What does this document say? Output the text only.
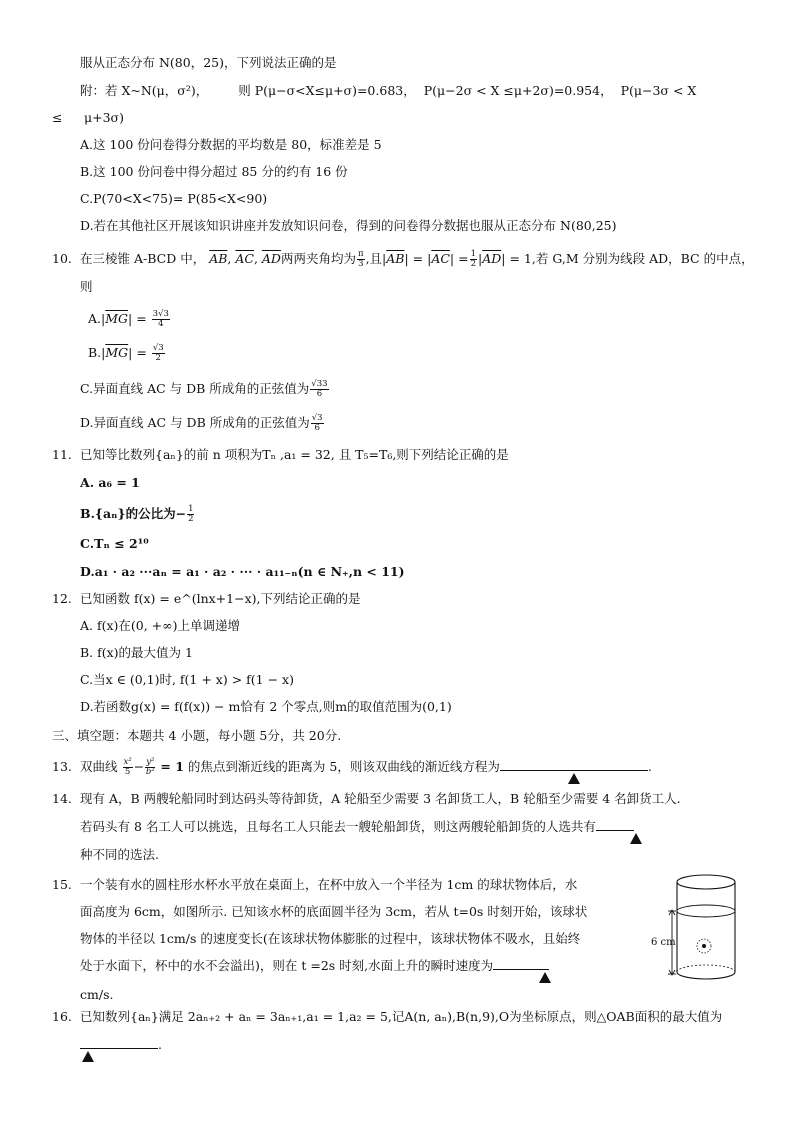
服从正态分布 N(80，25)，下列说法正确的是
附：若 X~N(μ，σ²)， 则 P(μ−σ<X≤μ+σ)=0.683， P(μ−2σ < X ≤μ+2σ)=0.954， P(μ−3σ < X
≤ μ+3σ)
A.这 100 份问卷得分数据的平均数是 80，标准差是 5
B.这 100 份问卷中得分超过 85 分的约有 16 份
C.P(70<X<75)= P(85<X<90)
D.若在其他社区开展该知识讲座并发放知识问卷，得到的问卷得分数据也服从正态分布 N(80,25)
10. 在三棱锥 A-BCD 中， $\overline{AB}$, $\overline{AC}$, $\overline{AD}$两两夹角均为 $\frac{\pi}{3}$ ,且$|\overline{AB}| = |\overline{AC}| = \frac{1}{2} |\overline{AD}| = 1$,若 G,M 分别为线段 AD，BC 的中点，
则
$A.|\overline{MG}| = \frac{3√3}{4}$
$B.|\overline{MG}| = \frac{√3}{2}$
C.异面直线 AC 与 DB 所成角的正弦值为 $\frac{√33}{6}$
D.异面直线 AC 与 DB 所成角的正弦值为 $\frac{√3}{6}$
11. 已知等比数列{aₙ}的前 n 项积为Tₙ ,a₁ = 32, 且 T₅=T₆,则下列结论正确的是
A. a₆ = 1
B.{aₙ}的公比为− $\frac{1}{2}$
C.Tₙ ≤ 2¹⁰
D.a₁ · a₂ ···aₙ = a₁ · a₂ · ··· · a₁₁₋ₙ(n ∈ N₊,n < 11)
12. 已知函数 f(x) = e^(lnx+1−x),下列结论正确的是
A. f(x)在(0, +∞)上单调递增
B. f(x)的最大值为 1
C.当x ∈ (0,1)时, f(1 + x) > f(1 − x)
D.若函数g(x) = f(f(x)) − m恰有 2 个零点,则m的取值范围为(0,1)
三、填空题：本题共 4 小题，每小题 5分，共 20分.
13. 双曲线 $\frac{\text{x²}}{5} - \frac{\text{y²}}{\text{b²}} = 1$ 的焦点到渐近线的距离为 5，则该双曲线的渐近线方程为	.
14. 现有 A，B 两艘轮船同时到达码头等待卸货，A 轮船至少需要 3 名卸货工人，B 轮船至少需要 4 名卸货工人.
若码头有 8 名工人可以挑选，且每名工人只能去一艘轮船卸货，则这两艘轮船卸货的人选共有
种不同的选法.
15. 一个装有水的圆柱形水杯水平放在桌面上，在杯中放入一个半径为 1cm 的球状物体后，水
面高度为 6cm，如图所示. 已知该水杯的底面圆半径为 3cm，若从 t=0s 时刻开始，该球状
物体的半径以 1cm/s 的速度变长(在该球状物体膨胀的过程中，该球状物体不吸水，且始终
处于水面下，杯中的水不会溢出)，则在 t =2s 时刻,水面上升的瞬时速度为
cm/s.
6 cm
16. 已知数列{aₙ}满足 2aₙ₊₂ + aₙ = 3aₙ₊₁,a₁ = 1,a₂ = 5,记A(n, aₙ),B(n,9),O为坐标原点，则△OAB面积的最大值为
.
